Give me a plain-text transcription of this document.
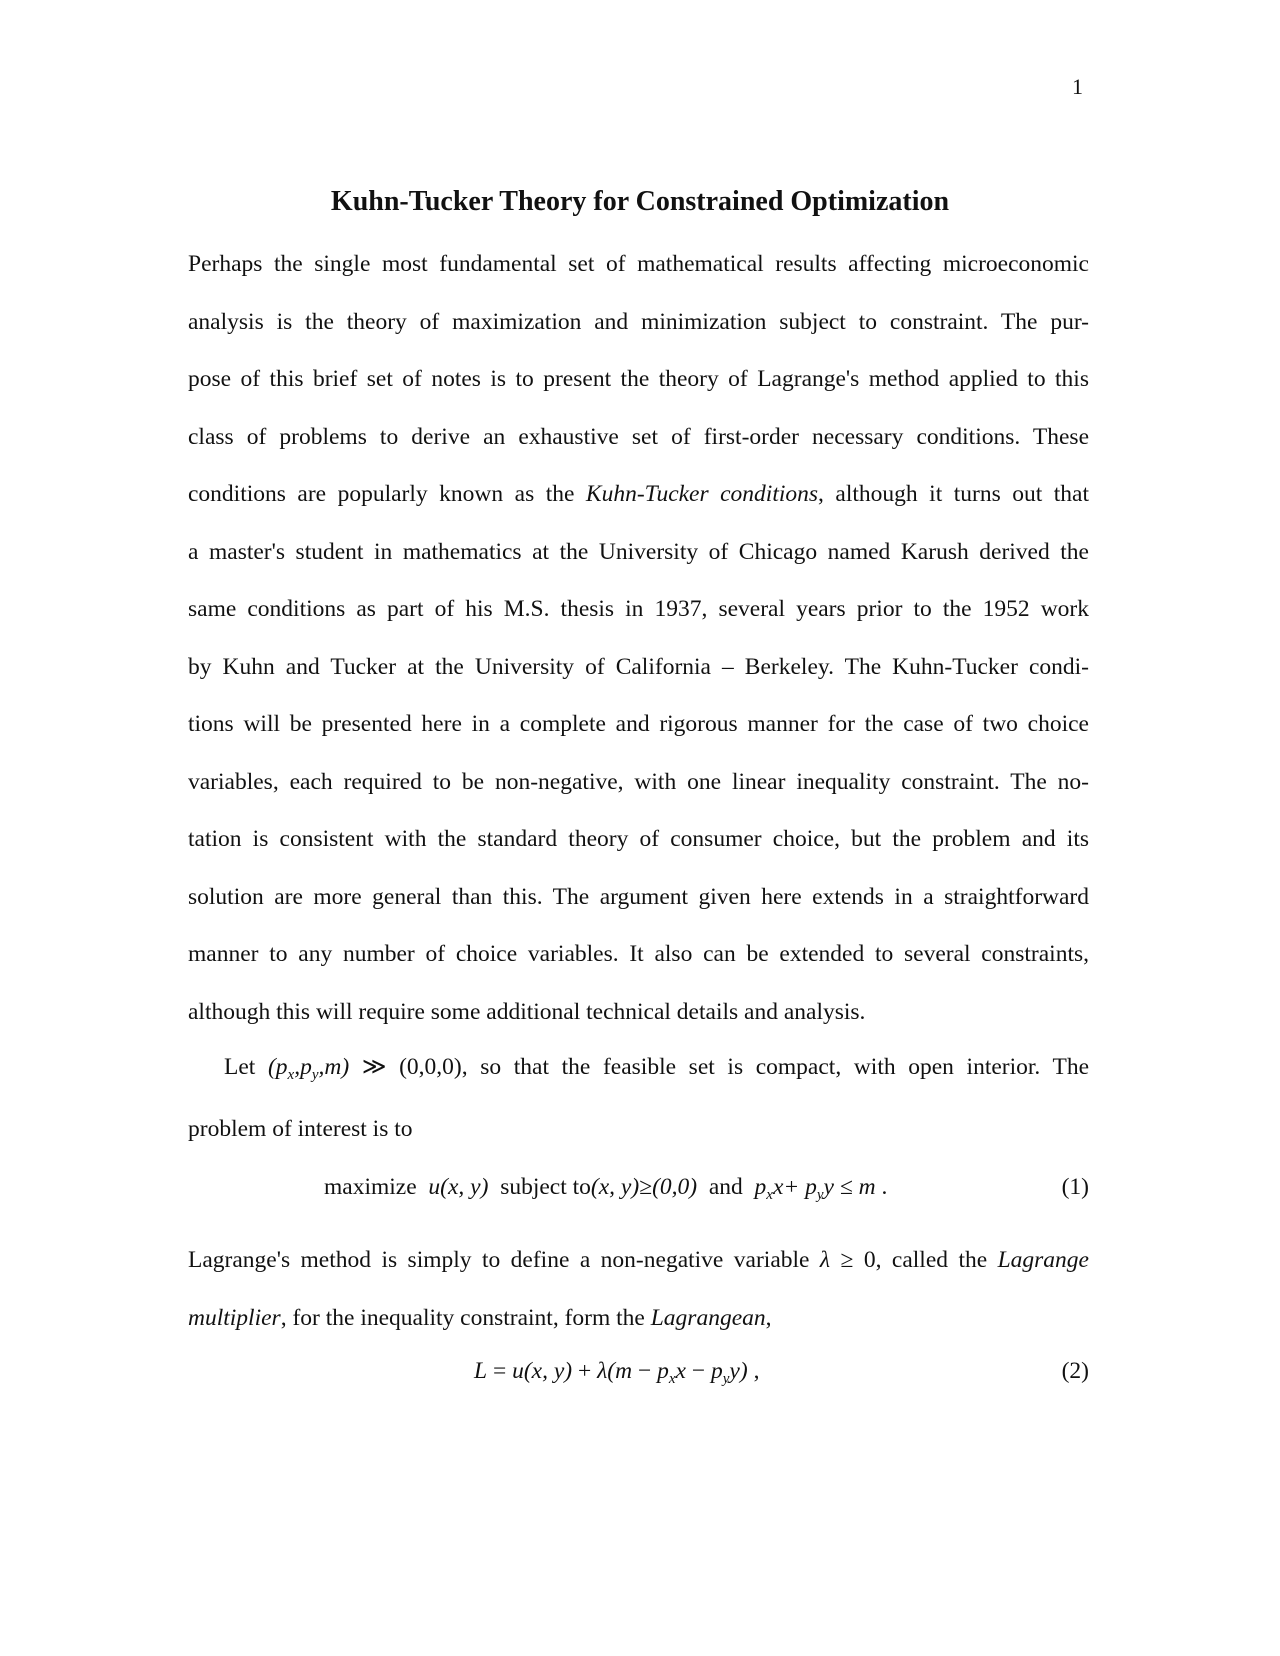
1
Kuhn-Tucker Theory for Constrained Optimization
Perhaps the single most fundamental set of mathematical results affecting microeconomic
analysis is the theory of maximization and minimization subject to constraint. The pur-
pose of this brief set of notes is to present the theory of Lagrange's method applied to this
class of problems to derive an exhaustive set of first-order necessary conditions. These
conditions are popularly known as the Kuhn-Tucker conditions, although it turns out that
a master's student in mathematics at the University of Chicago named Karush derived the
same conditions as part of his M.S. thesis in 1937, several years prior to the 1952 work
by Kuhn and Tucker at the University of California – Berkeley. The Kuhn-Tucker condi-
tions will be presented here in a complete and rigorous manner for the case of two choice
variables, each required to be non-negative, with one linear inequality constraint. The no-
tation is consistent with the standard theory of consumer choice, but the problem and its
solution are more general than this. The argument given here extends in a straightforward
manner to any number of choice variables. It also can be extended to several constraints,
although this will require some additional technical details and analysis.
Let $(p_x,p_y,m)$ ≫ (0,0,0), so that the feasible set is compact, with open interior. The
problem of interest is to
maximize u(x, y) subject to(x, y)≥(0,0) and $p_xx+ p_yy \le m$ .	(1)
Lagrange's method is simply to define a non-negative variable λ ≥ 0, called the Lagrange
multiplier, for the inequality constraint, form the Lagrangean,
L = u(x, $y) + \lambda(m - p_xx - p_yy)$ ,	(2)
